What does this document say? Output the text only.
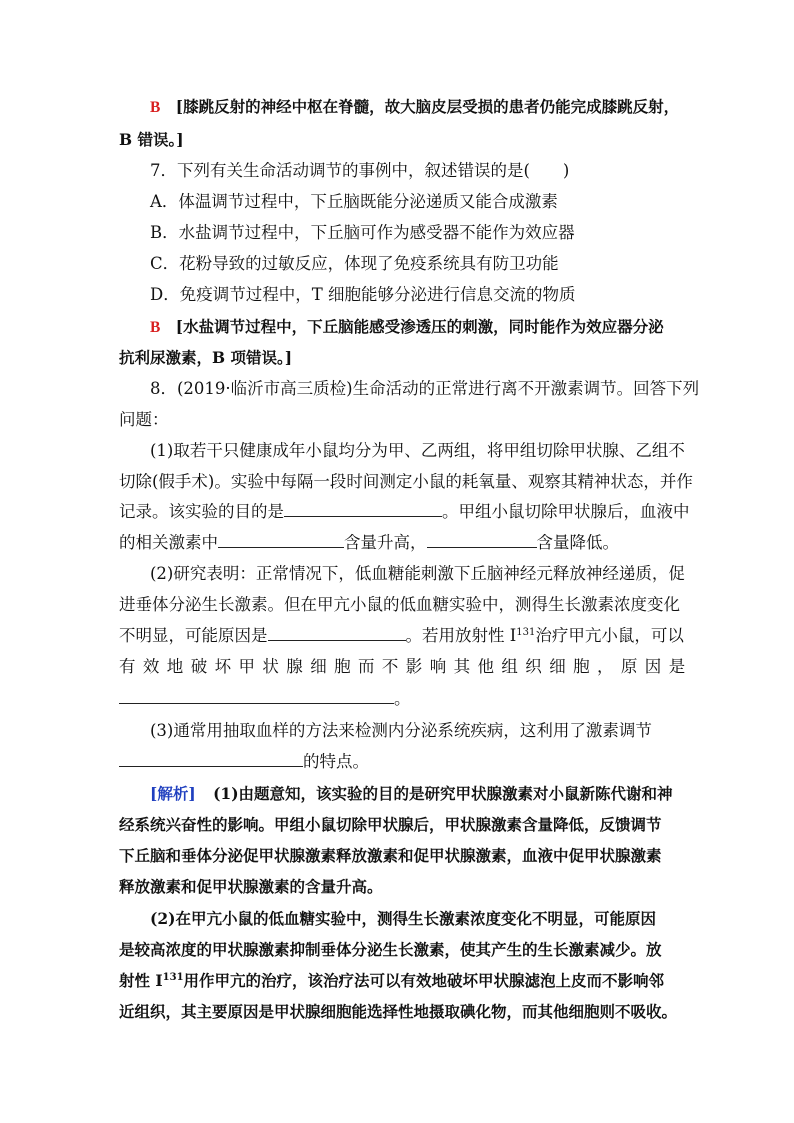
B [膝跳反射的神经中枢在脊髓，故大脑皮层受损的患者仍能完成膝跳反射，
B 错误。]
7．下列有关生命活动调节的事例中，叙述错误的是(　　)
A．体温调节过程中，下丘脑既能分泌递质又能合成激素
B．水盐调节过程中，下丘脑可作为感受器不能作为效应器
C．花粉导致的过敏反应，体现了免疫系统具有防卫功能
D．免疫调节过程中，T 细胞能够分泌进行信息交流的物质
B [水盐调节过程中，下丘脑能感受渗透压的刺激，同时能作为效应器分泌
抗利尿激素，B 项错误。]
8．(2019·临沂市高三质检)生命活动的正常进行离不开激素调节。回答下列
问题：
(1)取若干只健康成年小鼠均分为甲、乙两组，将甲组切除甲状腺、乙组不
切除(假手术)。实验中每隔一段时间测定小鼠的耗氧量、观察其精神状态，并作
记录。该实验的目的是	。甲组小鼠切除甲状腺后，血液中
的相关激素中	含量升高，	含量降低。
(2)研究表明：正常情况下，低血糖能刺激下丘脑神经元释放神经递质，促
进垂体分泌生长激素。但在甲亢小鼠的低血糖实验中，测得生长激素浓度变化
不明显，可能原因是	。若用放射性 $I^{131}$治疗甲亢小鼠，可以
有效地破坏甲状腺细胞而不影响其他组织细胞，原因是
。
(3)通常用抽取血样的方法来检测内分泌系统疾病，这利用了激素调节
的特点。
[解析] (1)由题意知，该实验的目的是研究甲状腺激素对小鼠新陈代谢和神
经系统兴奋性的影响。甲组小鼠切除甲状腺后，甲状腺激素含量降低，反馈调节
下丘脑和垂体分泌促甲状腺激素释放激素和促甲状腺激素，血液中促甲状腺激素
释放激素和促甲状腺激素的含量升高。
(2)在甲亢小鼠的低血糖实验中，测得生长激素浓度变化不明显，可能原因
是较高浓度的甲状腺激素抑制垂体分泌生长激素，使其产生的生长激素减少。放
射性 $I^{131}$用作甲亢的治疗，该治疗法可以有效地破坏甲状腺滤泡上皮而不影响邻
近组织，其主要原因是甲状腺细胞能选择性地摄取碘化物，而其他细胞则不吸收。
